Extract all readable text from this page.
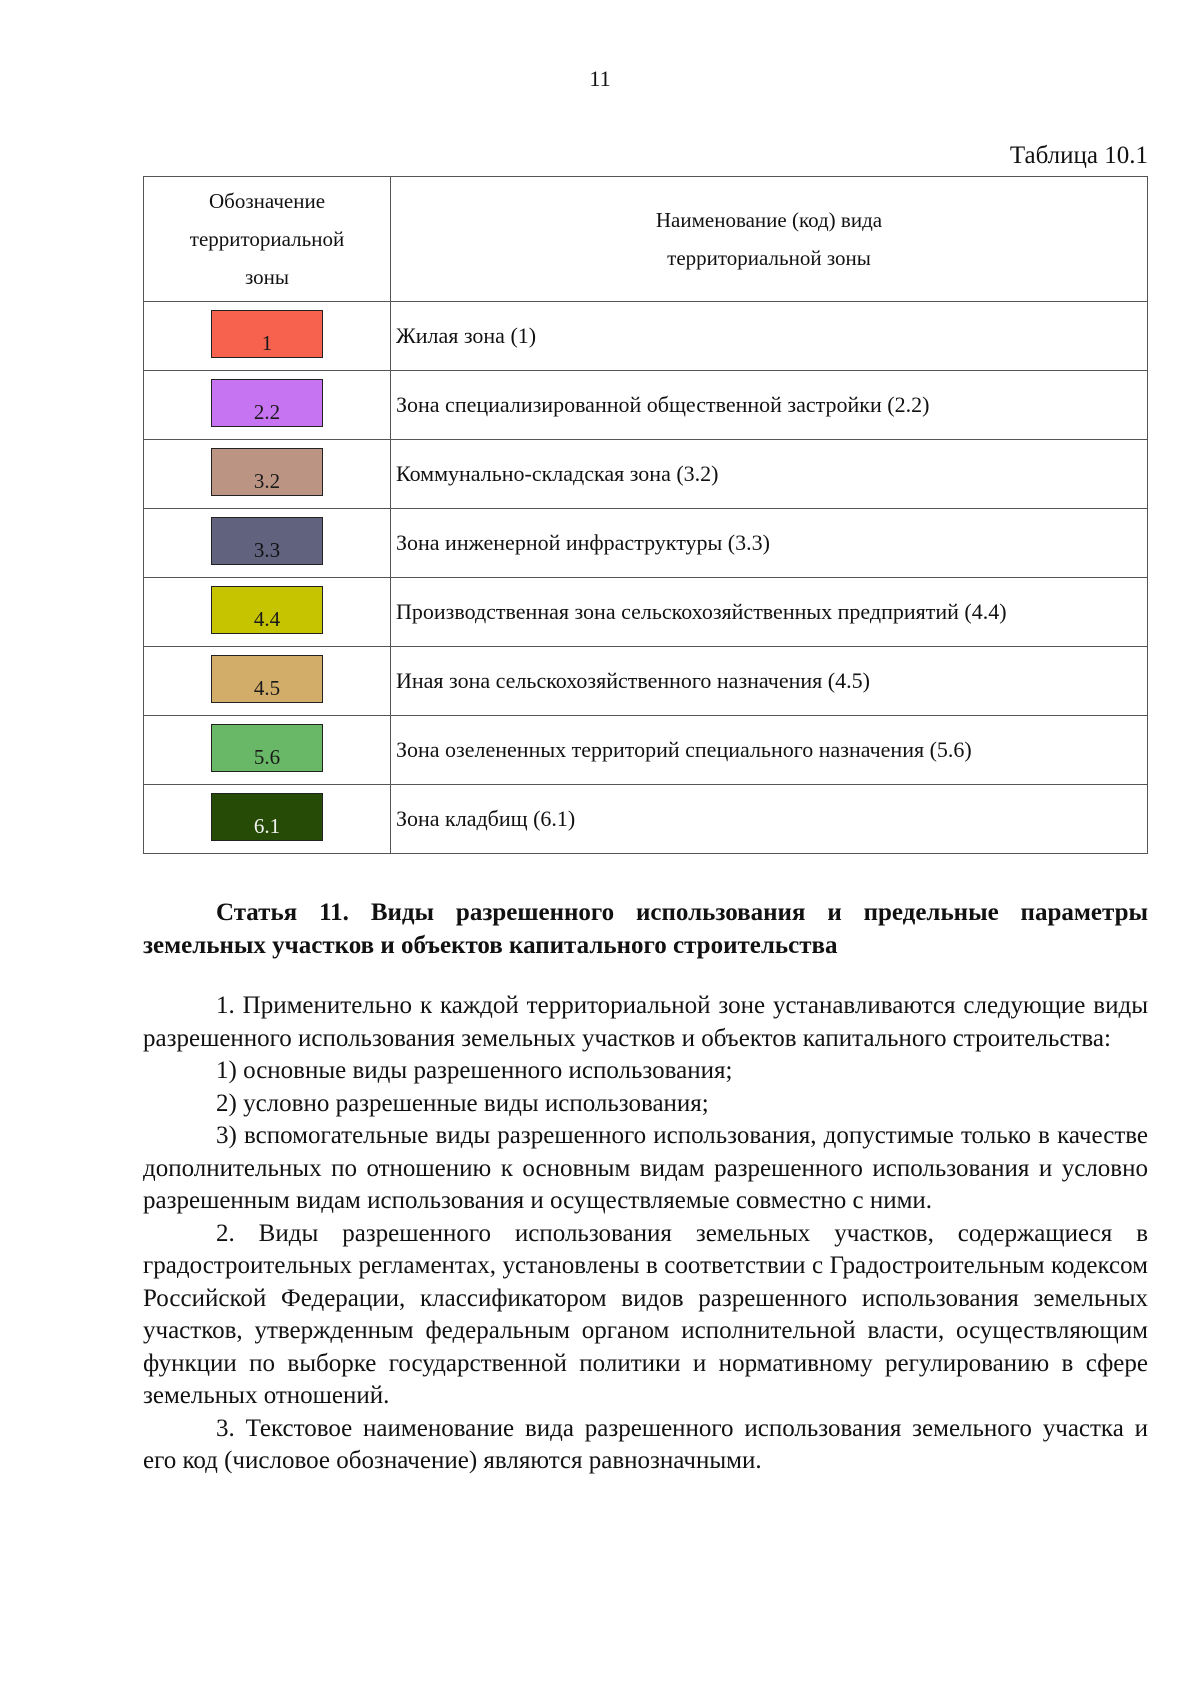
11
Таблица 10.1
Обозначение территориальной зоны	Наименование (код) вида территориальной зоны

1	Жилая зона (1)

2.2	Зона специализированной общественной застройки (2.2)

3.2	Коммунально-складская зона (3.2)

3.3	Зона инженерной инфраструктуры (3.3)

4.4	Производственная зона сельскохозяйственных предприятий (4.4)

4.5	Иная зона сельскохозяйственного назначения (4.5)

5.6	Зона озелененных территорий специального назначения (5.6)

6.1	Зона кладбищ (6.1)
Статья 11. Виды разрешенного использования и предельные параметры земельных участков и объектов капитального строительства

1. Применительно к каждой территориальной зоне устанавливаются следующие виды разрешенного использования земельных участков и объектов капитального строительства:

1) основные виды разрешенного использования;

2) условно разрешенные виды использования;

3) вспомогательные виды разрешенного использования, допустимые только в качестве дополнительных по отношению к основным видам разрешенного использования и условно разрешенным видам использования и осуществляемые совместно с ними.

2. Виды разрешенного использования земельных участков, содержащиеся в градостроительных регламентах, установлены в соответствии с Градостроительным кодексом Российской Федерации, классификатором видов разрешенного использования земельных участков, утвержденным федеральным органом исполнительной власти, осуществляющим функции по выборке государственной политики и нормативному регулированию в сфере земельных отношений.

3. Текстовое наименование вида разрешенного использования земельного участка и его код (числовое обозначение) являются равнозначными.
